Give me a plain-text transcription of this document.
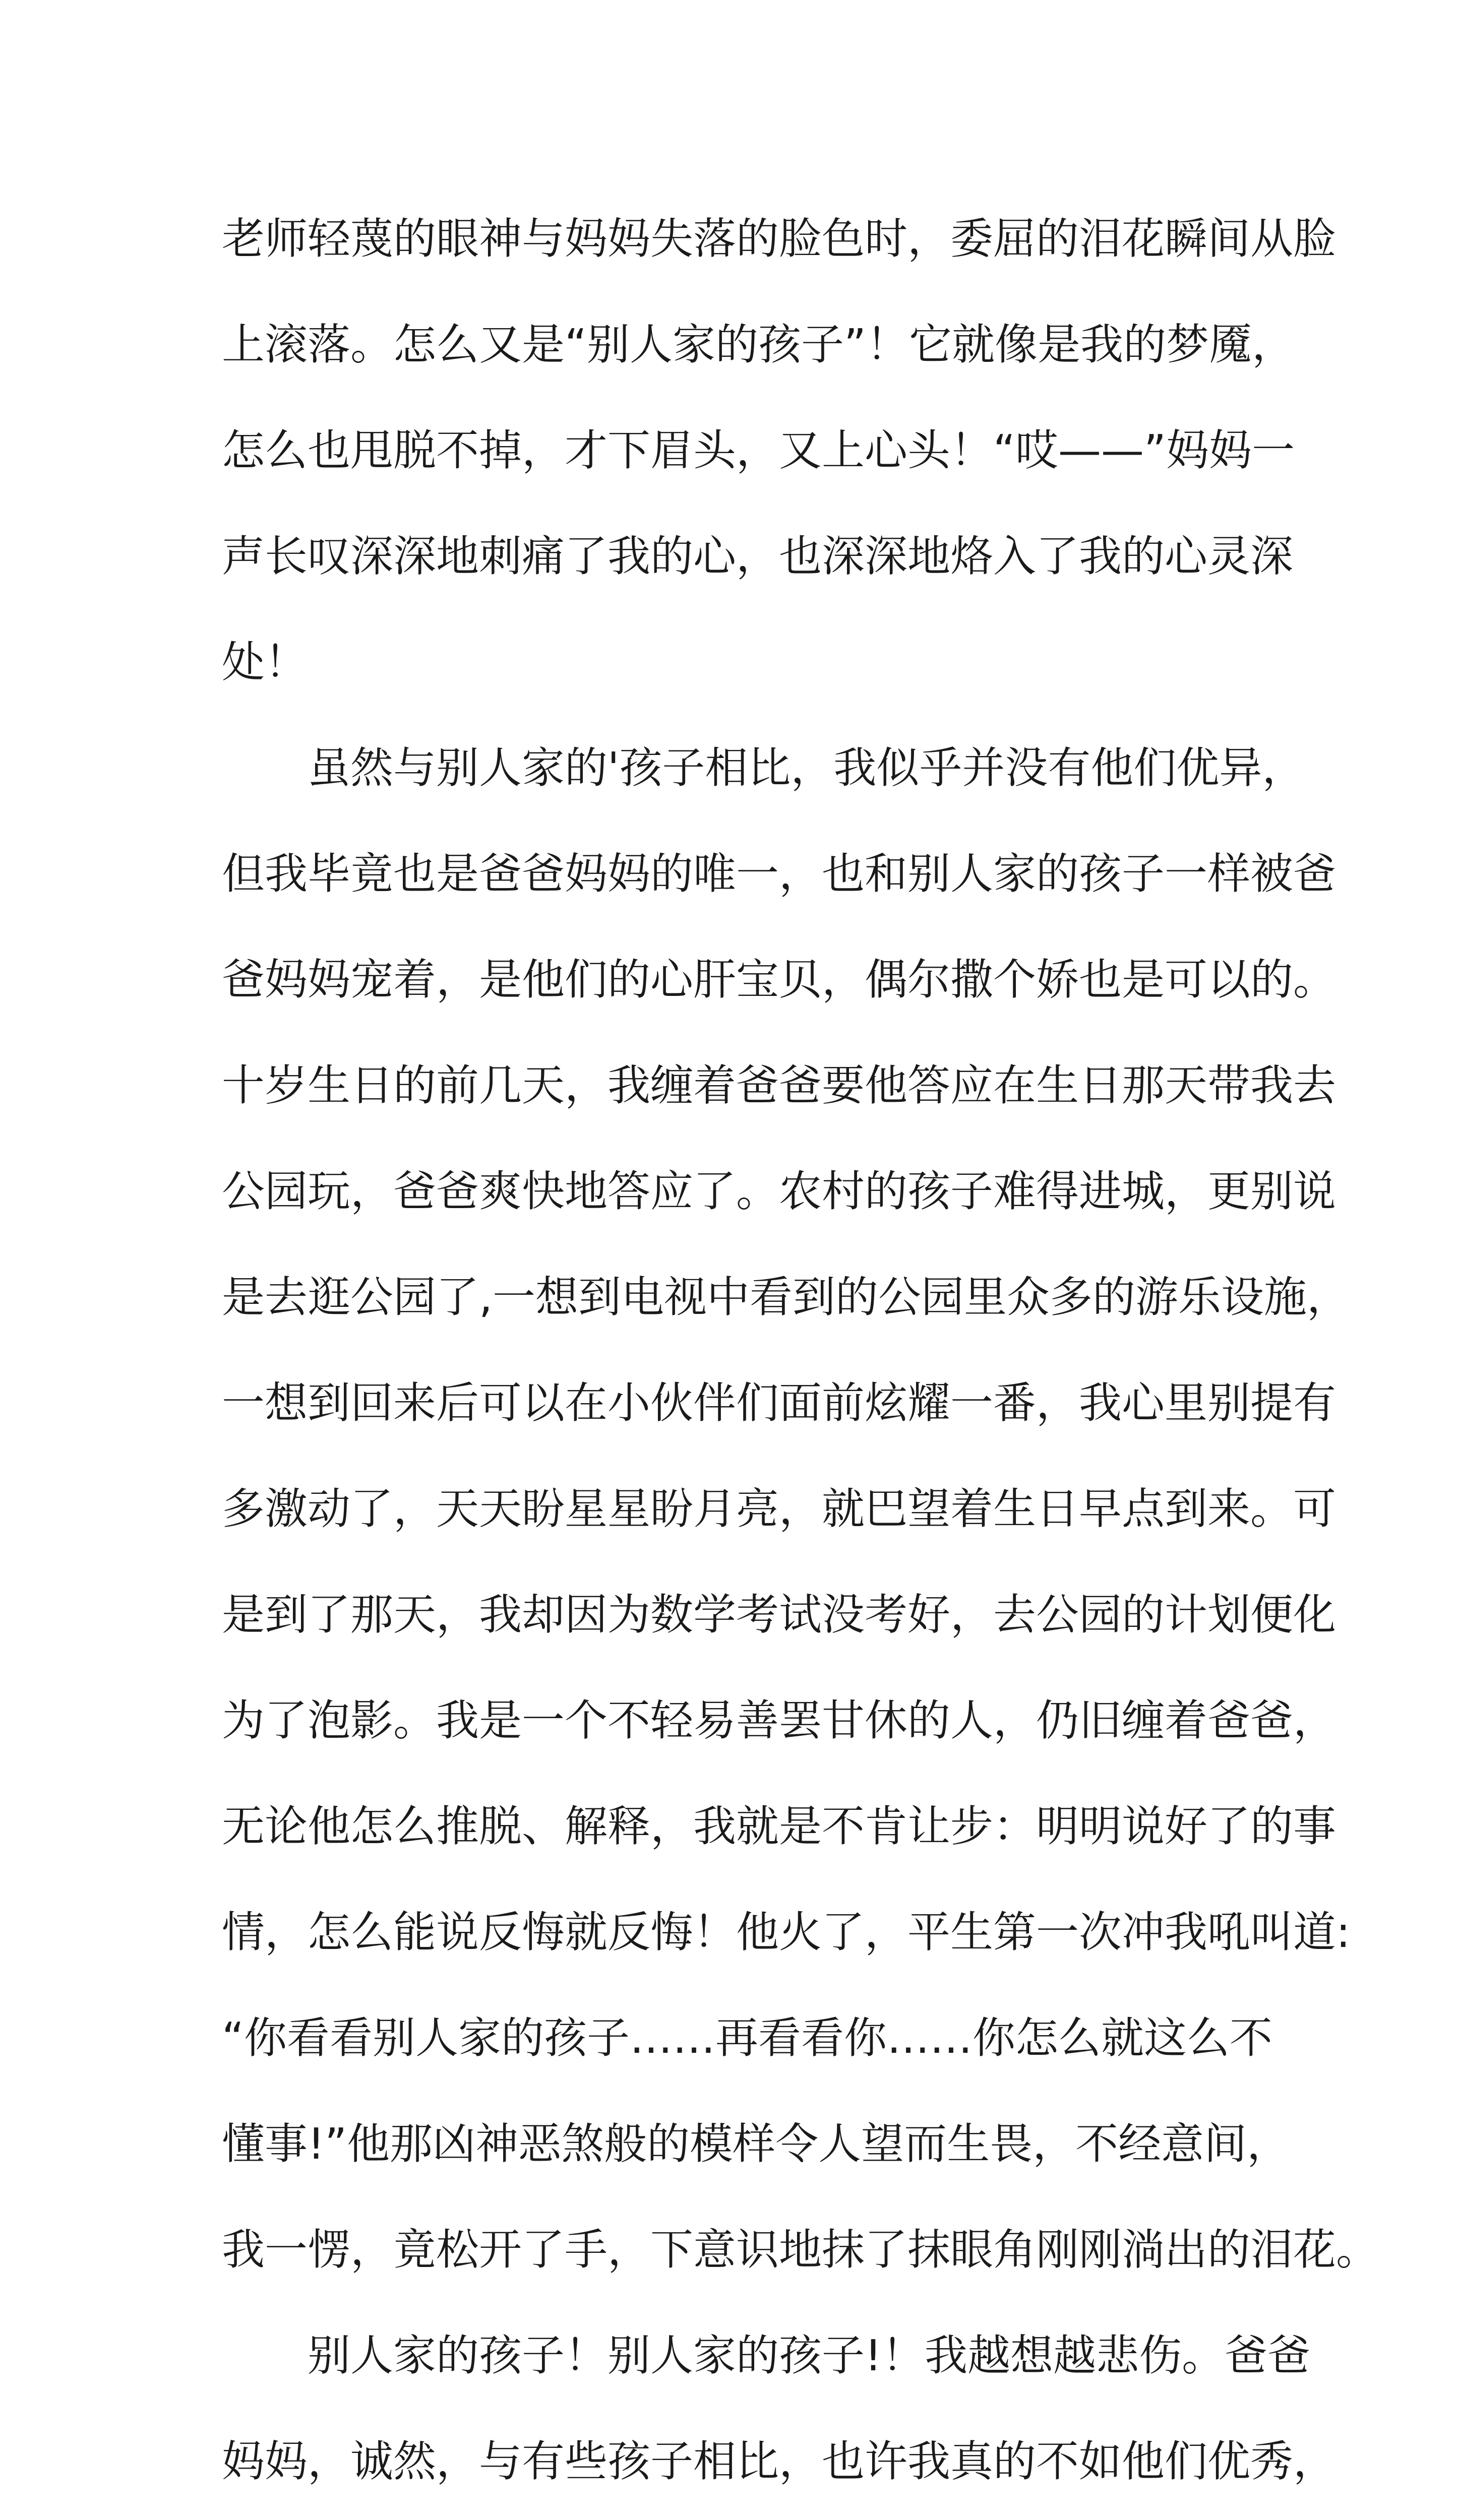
老师轻蔑的眼神与妈妈失落的脸色时，委屈的泪花瞬间从脸
上滚落。怎么又是“别人家的孩子”！它就像是我的梦魇，
怎么也甩脱不掉，才下眉头，又上心头！“哎——”妈妈一
声长叹深深地刺痛了我的心，也深深地烙入了我的心灵深
处！
虽然与别人家的'孩子相比，我似乎并没有他们优异，
但我毕竟也是爸爸妈妈的唯一，也和别人家的孩子一样被爸
爸妈妈宠着，是他们的心肝宝贝，偶尔撒个娇也是可以的。
十岁生日的前几天，我缠着爸爸要他答应在生日那天带我去
公园玩，爸爸爽快地答应了。农村的孩子难得进城，更别说
是去逛公园了,一想到电视中看到的公园里众多的游乐设施，
一想到回来后可以在小伙伴们面前炫耀一番，我心里别提有
多激动了，天天盼星星盼月亮，就巴望着生日早点到来。可
是到了那天，我却因为数学考试没考好，去公园的计划便化
为了泡影。我是一个不轻易善罢甘休的人，仍旧缠着爸爸，
无论他怎么推脱、解释，我就是不肯让步：明明说好了的事
情，怎么能说反悔就反悔！他火了，平生第一次冲我吼叫道:
“你看看别人家的孩子……再看看你……你怎么就这么不
懂事!”他那凶神恶煞般的模样令人望而生畏，不经意间，
我一愣，竟松开了手，下意识地抹了抹眼角刚刚淌出的泪花。
别人家的孩子！别人家的孩子!！我越想越悲伤。爸爸
妈妈，诚然，与有些孩子相比，也许我真的不如他们优秀，
